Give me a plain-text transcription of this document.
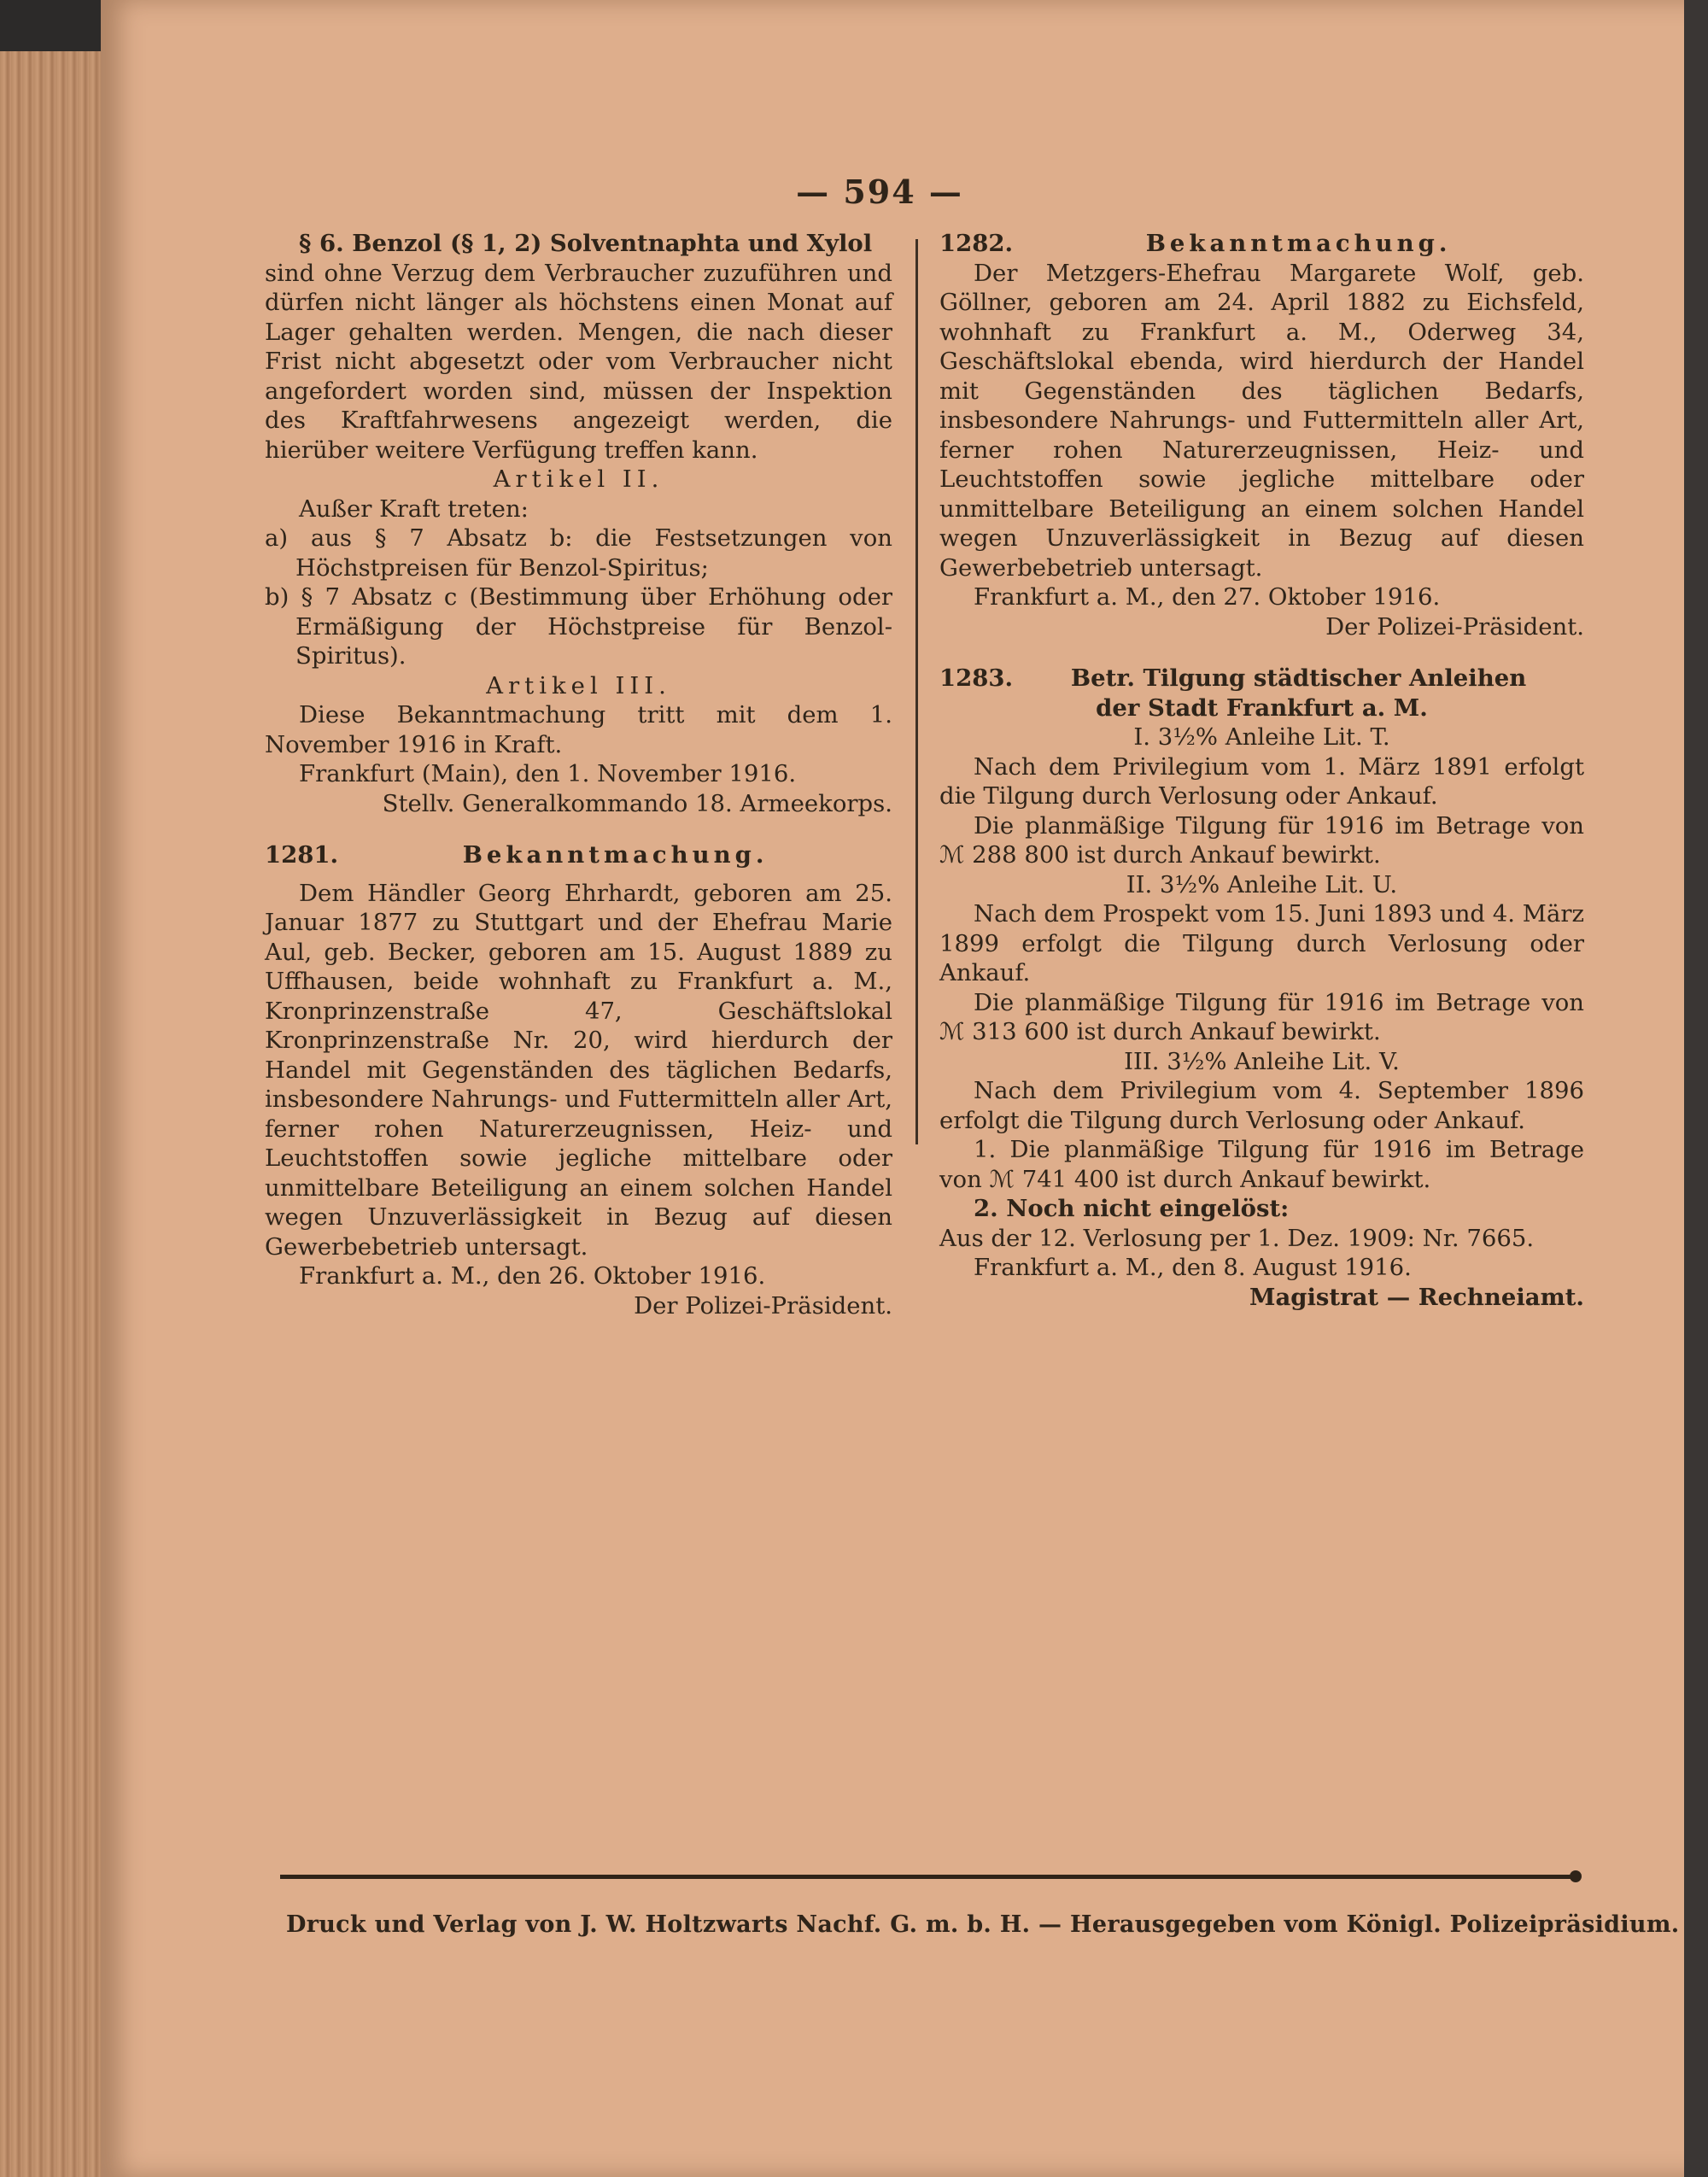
— 594 —

§ 6. Benzol (§ 1, 2) Solventnaphta und Xylol

sind ohne Verzug dem Verbraucher zuzuführen und dürfen nicht länger als höchstens einen Monat auf Lager gehalten werden. Mengen, die nach dieser Frist nicht abgesetzt oder vom Verbraucher nicht angefordert worden sind, müssen der Inspektion des Kraftfahrwesens angezeigt werden, die hierüber weitere Verfügung treffen kann.

Artikel II.

Außer Kraft treten:

a) aus § 7 Absatz b: die Festsetzungen von Höchstpreisen für Benzol-Spiritus;

b) § 7 Absatz c (Bestimmung über Erhöhung oder Ermäßigung der Höchstpreise für Benzol-Spiritus).

Artikel III.

Diese Bekanntmachung tritt mit dem 1. November 1916 in Kraft.

Frankfurt (Main), den 1. November 1916.

Stellv. Generalkommando 18. Armeekorps.

1281.	Bekanntmachung.

Dem Händler Georg Ehrhardt, geboren am 25. Januar 1877 zu Stuttgart und der Ehefrau Marie Aul, geb. Becker, geboren am 15. August 1889 zu Uffhausen, beide wohnhaft zu Frankfurt a. M., Kronprinzenstraße 47, Geschäftslokal Kronprinzenstraße Nr. 20, wird hierdurch der Handel mit Gegenständen des täglichen Bedarfs, insbesondere Nahrungs- und Futtermitteln aller Art, ferner rohen Naturerzeugnissen, Heiz- und Leuchtstoffen sowie jegliche mittelbare oder unmittelbare Beteiligung an einem solchen Handel wegen Unzuverlässigkeit in Bezug auf diesen Gewerbebetrieb untersagt.

Frankfurt a. M., den 26. Oktober 1916.

Der Polizei-Präsident.

1282.	Bekanntmachung.

Der Metzgers-Ehefrau Margarete Wolf, geb. Göllner, geboren am 24. April 1882 zu Eichsfeld, wohnhaft zu Frankfurt a. M., Oderweg 34, Geschäftslokal ebenda, wird hierdurch der Handel mit Gegenständen des täglichen Bedarfs, insbesondere Nahrungs- und Futtermitteln aller Art, ferner rohen Naturerzeugnissen, Heiz- und Leuchtstoffen sowie jegliche mittelbare oder unmittelbare Beteiligung an einem solchen Handel wegen Unzuverlässigkeit in Bezug auf diesen Gewerbebetrieb untersagt.

Frankfurt a. M., den 27. Oktober 1916.

Der Polizei-Präsident.

1283.	Betr. Tilgung städtischer Anleihen

der Stadt Frankfurt a. M.

I. 3½% Anleihe Lit. T.

Nach dem Privilegium vom 1. März 1891 erfolgt die Tilgung durch Verlosung oder Ankauf.

Die planmäßige Tilgung für 1916 im Betrage von ℳ 288 800 ist durch Ankauf bewirkt.

II. 3½% Anleihe Lit. U.

Nach dem Prospekt vom 15. Juni 1893 und 4. März 1899 erfolgt die Tilgung durch Verlosung oder Ankauf.

Die planmäßige Tilgung für 1916 im Betrage von ℳ 313 600 ist durch Ankauf bewirkt.

III. 3½% Anleihe Lit. V.

Nach dem Privilegium vom 4. September 1896 erfolgt die Tilgung durch Verlosung oder Ankauf.

1. Die planmäßige Tilgung für 1916 im Betrage von ℳ 741 400 ist durch Ankauf bewirkt.

2. Noch nicht eingelöst:

Aus der 12. Verlosung per 1. Dez. 1909: Nr. 7665.

Frankfurt a. M., den 8. August 1916.

Magistrat — Rechneiamt.

Druck und Verlag von J. W. Holtzwarts Nachf. G. m. b. H. — Herausgegeben vom Königl. Polizeipräsidium.
